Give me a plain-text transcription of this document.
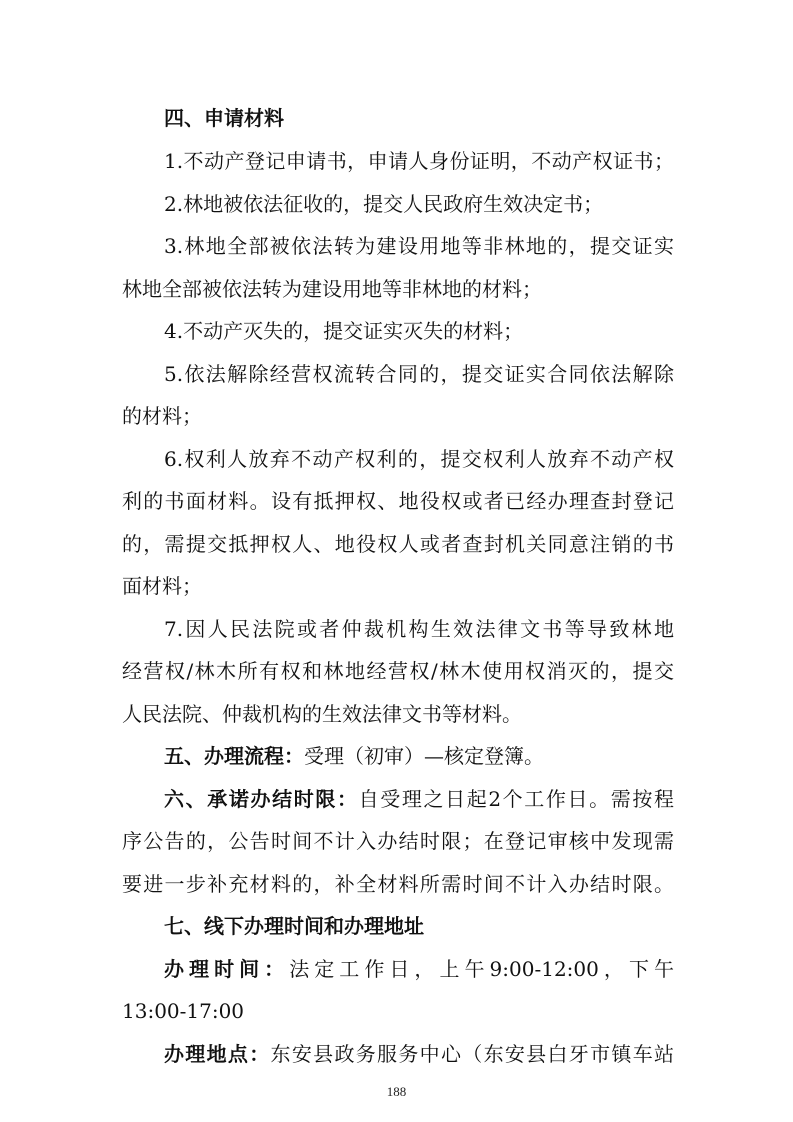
四、申请材料
1.不动产登记申请书，申请人身份证明，不动产权证书；
2.林地被依法征收的，提交人民政府生效决定书；
3.林地全部被依法转为建设用地等非林地的，提交证实
林地全部被依法转为建设用地等非林地的材料；
4.不动产灭失的，提交证实灭失的材料；
5.依法解除经营权流转合同的，提交证实合同依法解除
的材料；
6.权利人放弃不动产权利的，提交权利人放弃不动产权
利的书面材料。设有抵押权、地役权或者已经办理查封登记
的，需提交抵押权人、地役权人或者查封机关同意注销的书
面材料；
7.因人民法院或者仲裁机构生效法律文书等导致林地
经营权/林木所有权和林地经营权/林木使用权消灭的，提交
人民法院、仲裁机构的生效法律文书等材料。
五、办理流程：受理（初审）—核定登簿。
六、承诺办结时限：自受理之日起2个工作日。需按程
序公告的，公告时间不计入办结时限；在登记审核中发现需
要进一步补充材料的，补全材料所需时间不计入办结时限。
七、线下办理时间和办理地址
办理时间：法定工作日，上午9:00-12:00，下午
13:00-17:00
办理地点：东安县政务服务中心（东安县白牙市镇车站
188
